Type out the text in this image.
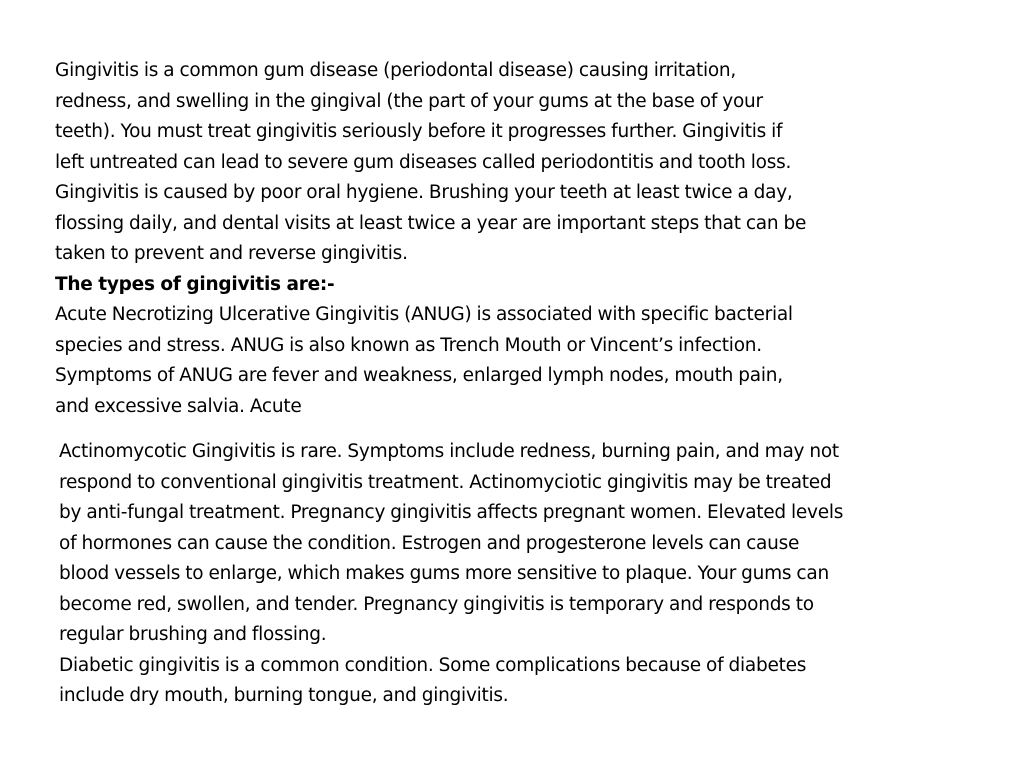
Gingivitis is a common gum disease (periodontal disease) causing irritation,
redness, and swelling in the gingival (the part of your gums at the base of your
teeth). You must treat gingivitis seriously before it progresses further. Gingivitis if
left untreated can lead to severe gum diseases called periodontitis and tooth loss.
Gingivitis is caused by poor oral hygiene. Brushing your teeth at least twice a day,
flossing daily, and dental visits at least twice a year are important steps that can be
taken to prevent and reverse gingivitis.
The types of gingivitis are:-
Acute Necrotizing Ulcerative Gingivitis (ANUG) is associated with specific bacterial
species and stress. ANUG is also known as Trench Mouth or Vincent’s infection.
Symptoms of ANUG are fever and weakness, enlarged lymph nodes, mouth pain,
and excessive salvia. Acute
Actinomycotic Gingivitis is rare. Symptoms include redness, burning pain, and may not
respond to conventional gingivitis treatment. Actinomyciotic gingivitis may be treated
by anti-fungal treatment. Pregnancy gingivitis affects pregnant women. Elevated levels
of hormones can cause the condition. Estrogen and progesterone levels can cause
blood vessels to enlarge, which makes gums more sensitive to plaque. Your gums can
become red, swollen, and tender. Pregnancy gingivitis is temporary and responds to
regular brushing and flossing.
Diabetic gingivitis is a common condition. Some complications because of diabetes
include dry mouth, burning tongue, and gingivitis.
